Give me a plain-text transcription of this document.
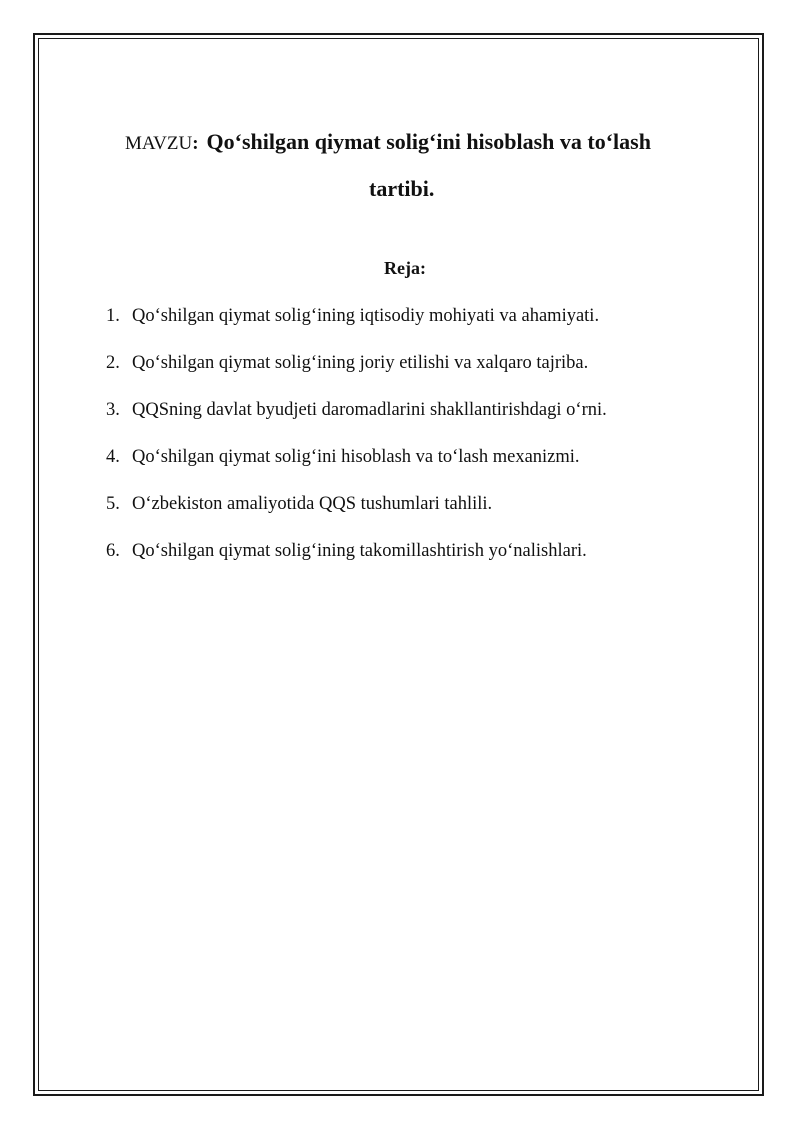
MAVZU: Qo‘shilgan qiymat solig‘ini hisoblash va to‘lash
tartibi.
Reja:
1. Qo‘shilgan qiymat solig‘ining iqtisodiy mohiyati va ahamiyati.
2. Qo‘shilgan qiymat solig‘ining joriy etilishi va xalqaro tajriba.
3. QQSning davlat byudjeti daromadlarini shakllantirishdagi o‘rni.
4. Qo‘shilgan qiymat solig‘ini hisoblash va to‘lash mexanizmi.
5. O‘zbekiston amaliyotida QQS tushumlari tahlili.
6. Qo‘shilgan qiymat solig‘ining takomillashtirish yo‘nalishlari.
